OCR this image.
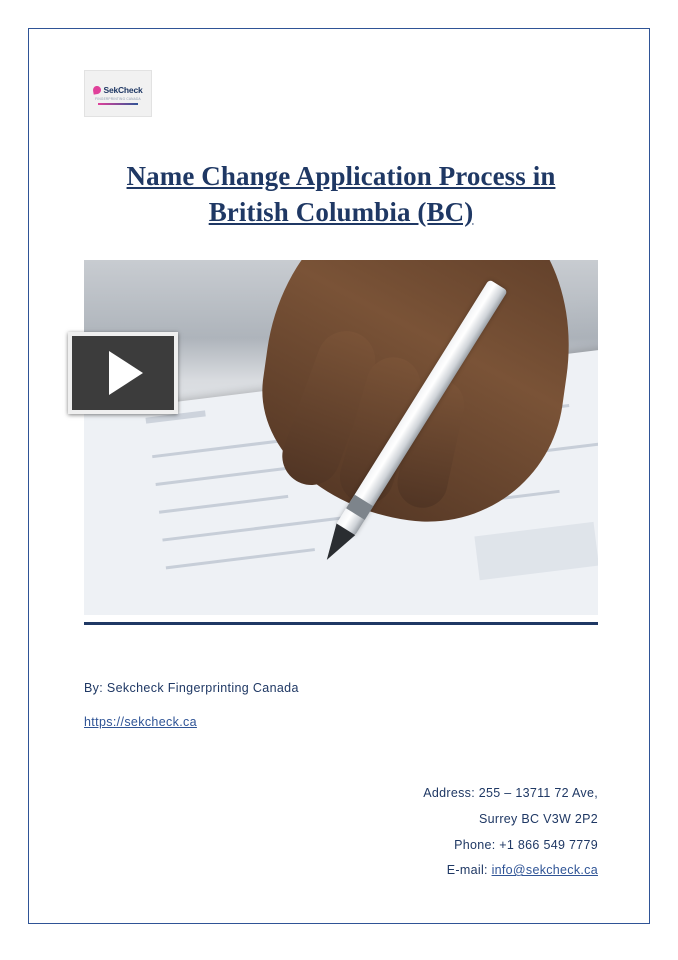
SekCheck
FINGERPRINTING CANADA
Name Change Application Process in British Columbia (BC)
By: Sekcheck Fingerprinting Canada
https://sekcheck.ca
Address: 255 – 13711 72 Ave,
Surrey BC V3W 2P2
Phone: +1 866 549 7779
E-mail: info@sekcheck.ca
